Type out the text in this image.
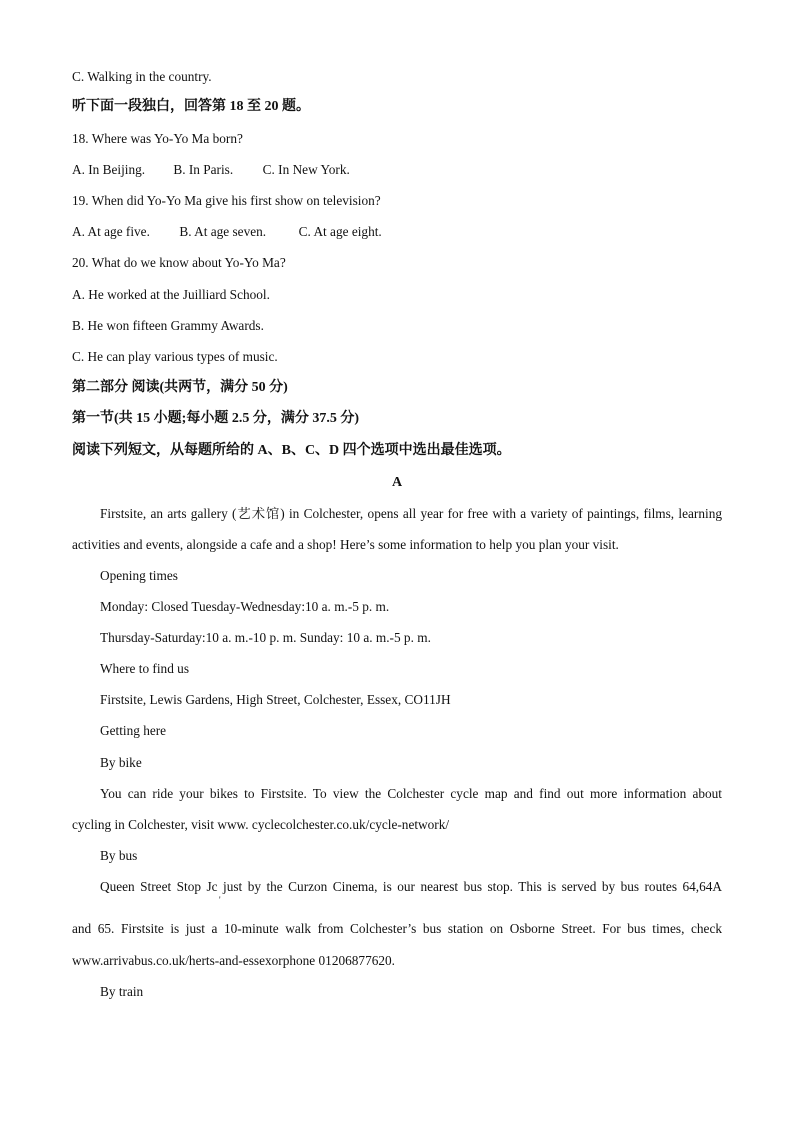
C. Walking in the country.
听下面一段独白，回答第 18 至 20 题。
18. Where was Yo-Yo Ma born?
A. In Beijing. B. In Paris. C. In New York.
19. When did Yo-Yo Ma give his first show on television?
A. At age five. B. At age seven. C. At age eight.
20. What do we know about Yo-Yo Ma?
A. He worked at the Juilliard School.
B. He won fifteen Grammy Awards.
C. He can play various types of music.
第二部分 阅读(共两节，满分 50 分)
第一节(共 15 小题;每小题 2.5 分，满分 37.5 分)
阅读下列短文，从每题所给的 A、B、C、D 四个选项中选出最佳选项。
A
Firstsite, an arts gallery (艺术馆) in Colchester, opens all year for free with a variety of paintings, films, learning
activities and events, alongside a cafe and a shop! Here’s some information to help you plan your visit.
Opening times
Monday: Closed Tuesday-Wednesday:10 a. m.-5 p. m.
Thursday-Saturday:10 a. m.-10 p. m. Sunday: 10 a. m.-5 p. m.
Where to find us
Firstsite, Lewis Gardens, High Street, Colchester, Essex, CO11JH
Getting here
By bike
You can ride your bikes to Firstsite. To view the Colchester cycle map and find out more information about
cycling in Colchester, visit www. cyclecolchester.co.uk/cycle-network/
By bus
Queen Street Stop Jc just by the Curzon Cinema, is our nearest bus stop. This is served by bus routes 64,64A
'
and 65. Firstsite is just a 10-minute walk from Colchester’s bus station on Osborne Street. For bus times, check
www.arrivabus.co.uk/herts-and-essexorphone 01206877620.
By train
